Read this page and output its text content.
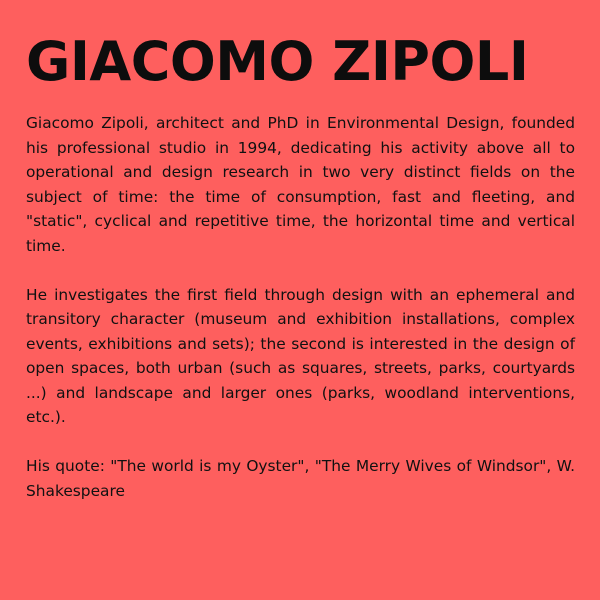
GIACOMO ZIPOLI

Giacomo Zipoli, architect and PhD in Environmental Design, founded his professional studio in 1994, dedicating his activity above all to operational and design research in two very distinct fields on the subject of time: the time of consumption, fast and fleeting, and "static", cyclical and repetitive time, the horizontal time and vertical time.

He investigates the first field through design with an ephemeral and transitory character (museum and exhibition installations, complex events, exhibitions and sets); the second is interested in the design of open spaces, both urban (such as squares, streets, parks, courtyards ...) and landscape and larger ones (parks, woodland interventions, etc.).

His quote: "The world is my Oyster", "The Merry Wives of Windsor", W. Shakespeare
